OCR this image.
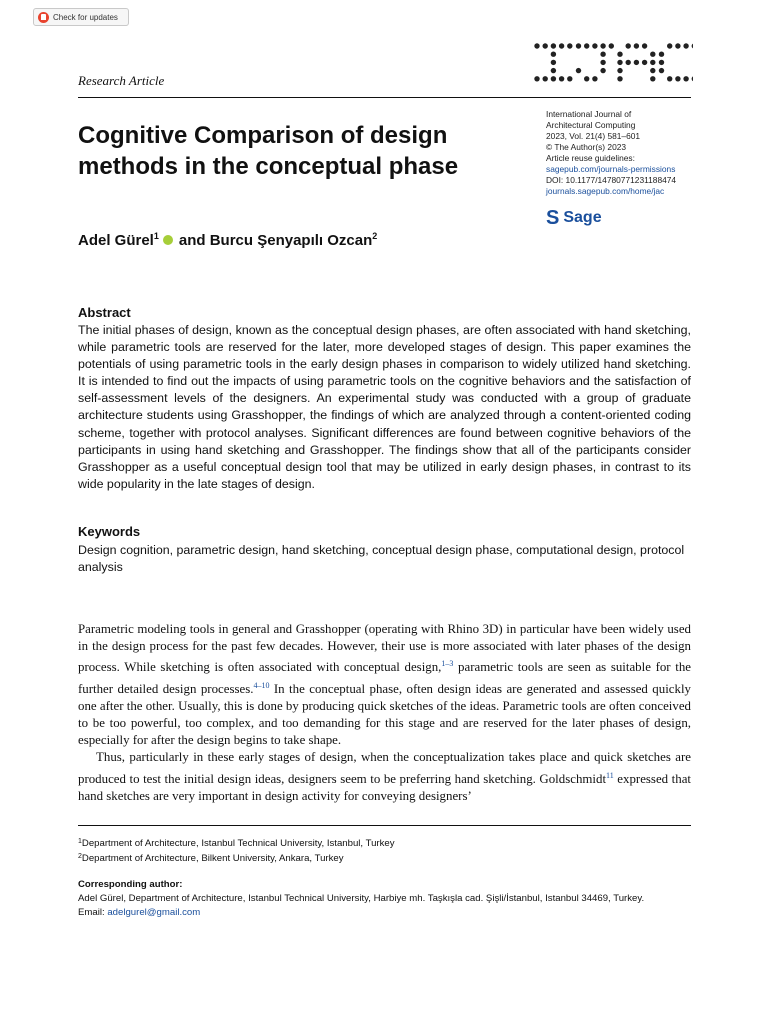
Check for updates
Research Article
IJAC
Cognitive Comparison of design methods in the conceptual phase
International Journal of
Architectural Computing
2023, Vol. 21(4) 581–601
© The Author(s) 2023
Article reuse guidelines:
sagepub.com/journals-permissions
DOI: 10.1177/14780771231188474
journals.sagepub.com/home/jac
S Sage
Adel Gürel$^1$ and Burcu Şenyapılı Ozcan$^2$
Abstract
The initial phases of design, known as the conceptual design phases, are often associated with hand sketching, while parametric tools are reserved for the later, more developed stages of design. This paper examines the potentials of using parametric tools in the early design phases in comparison to widely utilized hand sketching. It is intended to find out the impacts of using parametric tools on the cognitive behaviors and the satisfaction of self-assessment levels of the designers. An experimental study was conducted with a group of graduate architecture students using Grasshopper, the findings of which are analyzed through a content-oriented coding scheme, together with protocol analyses. Significant differences are found between cognitive behaviors of the participants in using hand sketching and Grasshopper. The findings show that all of the participants consider Grasshopper as a useful conceptual design tool that may be utilized in early design phases, in contrast to its wide popularity in the late stages of design.
Keywords
Design cognition, parametric design, hand sketching, conceptual design phase, computational design, protocol analysis

Parametric modeling tools in general and Grasshopper (operating with Rhino 3D) in particular have been widely used in the design process for the past few decades. However, their use is more associated with later phases of the design process. While sketching is often associated with conceptual design,$^{1-3}$ parametric tools are seen as suitable for the further detailed design processes.$^{4-10}$ In the conceptual phase, often design ideas are generated and assessed quickly one after the other. Usually, this is done by producing quick sketches of the ideas. Parametric tools are often conceived to be too powerful, too complex, and too demanding for this stage and are reserved for the later phases of design, especially for after the design begins to take shape.

Thus, particularly in these early stages of design, when the conceptualization takes place and quick sketches are produced to test the initial design ideas, designers seem to be preferring hand sketching. Goldschmidt$^{11}$ expressed that hand sketches are very important in design activity for conveying designers’

$^1$Department of Architecture, Istanbul Technical University, Istanbul, Turkey
$^2$Department of Architecture, Bilkent University, Ankara, Turkey
Corresponding author:
Adel Gürel, Department of Architecture, Istanbul Technical University, Harbiye mh. Taşkışla cad. Şişli/İstanbul, Istanbul 34469, Turkey.
Email: adelgurel@gmail.com
